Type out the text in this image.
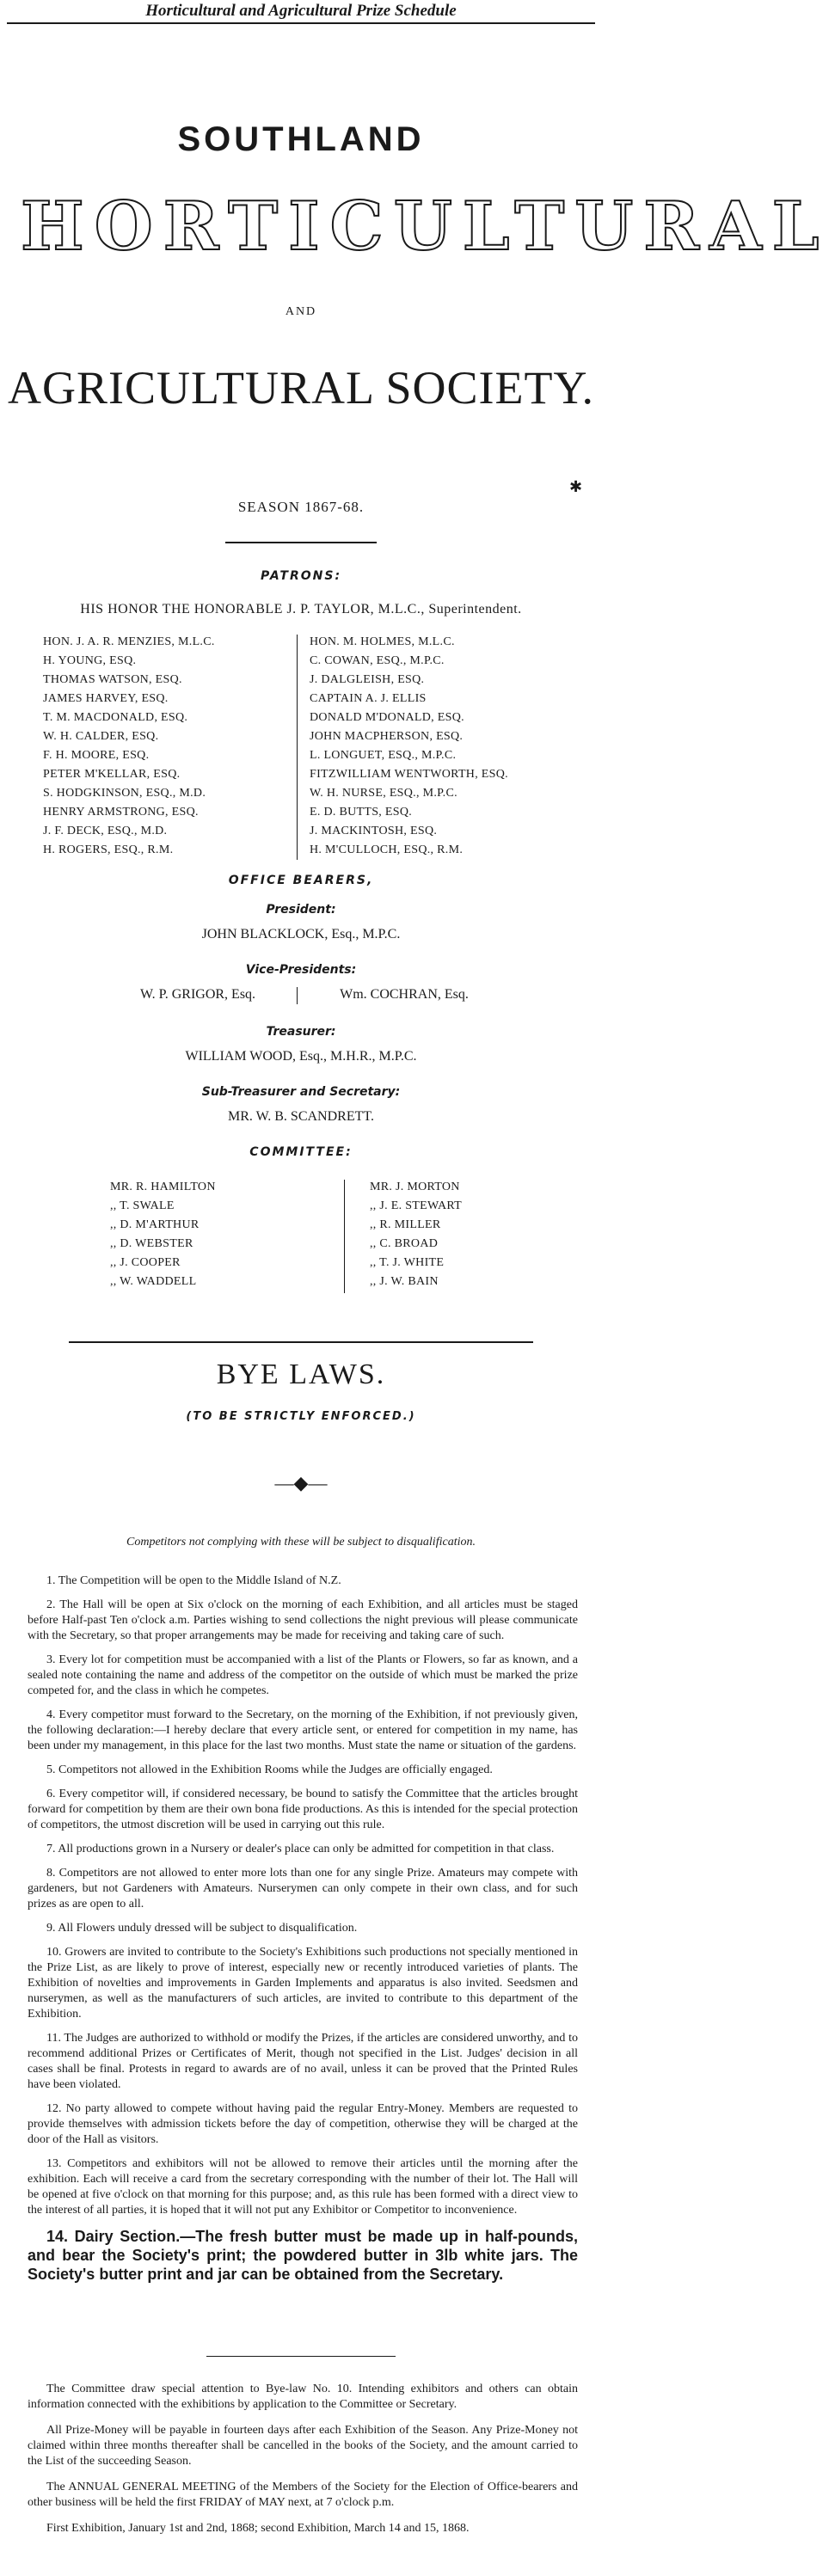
Horticultural and Agricultural Prize Schedule
SOUTHLAND
HORTICULTURAL
AND
AGRICULTURAL SOCIETY.
✱
SEASON 1867-68.
PATRONS:
HIS HONOR THE HONORABLE J. P. TAYLOR, M.L.C., Superintendent.
HON. J. A. R. MENZIES, M.L.C.
H. YOUNG, ESQ.
THOMAS WATSON, ESQ.
JAMES HARVEY, ESQ.
T. M. MACDONALD, ESQ.
W. H. CALDER, ESQ.
F. H. MOORE, ESQ.
PETER M'KELLAR, ESQ.
S. HODGKINSON, ESQ., M.D.
HENRY ARMSTRONG, ESQ.
J. F. DECK, ESQ., M.D.
H. ROGERS, ESQ., R.M.
HON. M. HOLMES, M.L.C.
C. COWAN, ESQ., M.P.C.
J. DALGLEISH, ESQ.
CAPTAIN A. J. ELLIS
DONALD M'DONALD, ESQ.
JOHN MACPHERSON, ESQ.
L. LONGUET, ESQ., M.P.C.
FITZWILLIAM WENTWORTH, ESQ.
W. H. NURSE, ESQ., M.P.C.
E. D. BUTTS, ESQ.
J. MACKINTOSH, ESQ.
H. M'CULLOCH, ESQ., R.M.
OFFICE BEARERS,
President:
JOHN BLACKLOCK, Esq., M.P.C.
Vice-Presidents:
W. P. GRIGOR, Esq.	Wm. COCHRAN, Esq.
Treasurer:
WILLIAM WOOD, Esq., M.H.R., M.P.C.
Sub-Treasurer and Secretary:
MR. W. B. SCANDRETT.
COMMITTEE:
MR. R. HAMILTON
,, T. SWALE
,, D. M'ARTHUR
,, D. WEBSTER
,, J. COOPER
,, W. WADDELL
MR. J. MORTON
,, J. E. STEWART
,, R. MILLER
,, C. BROAD
,, T. J. WHITE
,, J. W. BAIN
BYE LAWS.
(TO BE STRICTLY ENFORCED.)
―◆―
Competitors not complying with these will be subject to disqualification.

1. The Competition will be open to the Middle Island of N.Z.

2. The Hall will be open at Six o'clock on the morning of each Exhibition, and all articles must be staged before Half-past Ten o'clock a.m. Parties wishing to send collections the night previous will please communicate with the Secretary, so that proper arrangements may be made for receiving and taking care of such.

3. Every lot for competition must be accompanied with a list of the Plants or Flowers, so far as known, and a sealed note containing the name and address of the competitor on the outside of which must be marked the prize competed for, and the class in which he competes.

4. Every competitor must forward to the Secretary, on the morning of the Exhibition, if not previously given, the following declaration:—I hereby declare that every article sent, or entered for competition in my name, has been under my management, in this place for the last two months. Must state the name or situation of the gardens.

5. Competitors not allowed in the Exhibition Rooms while the Judges are officially engaged.

6. Every competitor will, if considered necessary, be bound to satisfy the Committee that the articles brought forward for competition by them are their own bona fide productions. As this is intended for the special protection of competitors, the utmost discretion will be used in carrying out this rule.

7. All productions grown in a Nursery or dealer's place can only be admitted for competition in that class.

8. Competitors are not allowed to enter more lots than one for any single Prize. Amateurs may compete with gardeners, but not Gardeners with Amateurs. Nurserymen can only compete in their own class, and for such prizes as are open to all.

9. All Flowers unduly dressed will be subject to disqualification.

10. Growers are invited to contribute to the Society's Exhibitions such productions not specially mentioned in the Prize List, as are likely to prove of interest, especially new or recently introduced varieties of plants. The Exhibition of novelties and improvements in Garden Implements and apparatus is also invited. Seedsmen and nurserymen, as well as the manufacturers of such articles, are invited to contribute to this department of the Exhibition.

11. The Judges are authorized to withhold or modify the Prizes, if the articles are considered unworthy, and to recommend additional Prizes or Certificates of Merit, though not specified in the List. Judges' decision in all cases shall be final. Protests in regard to awards are of no avail, unless it can be proved that the Printed Rules have been violated.

12. No party allowed to compete without having paid the regular Entry-Money. Members are requested to provide themselves with admission tickets before the day of competition, otherwise they will be charged at the door of the Hall as visitors.

13. Competitors and exhibitors will not be allowed to remove their articles until the morning after the exhibition. Each will receive a card from the secretary corresponding with the number of their lot. The Hall will be opened at five o'clock on that morning for this purpose; and, as this rule has been formed with a direct view to the interest of all parties, it is hoped that it will not put any Exhibitor or Competitor to inconvenience.

14. Dairy Section.—The fresh butter must be made up in half-pounds, and bear the Society's print; the powdered butter in 3lb white jars. The Society's butter print and jar can be obtained from the Secretary.

The Committee draw special attention to Bye-law No. 10. Intending exhibitors and others can obtain information connected with the exhibitions by application to the Committee or Secretary.

All Prize-Money will be payable in fourteen days after each Exhibition of the Season. Any Prize-Money not claimed within three months thereafter shall be cancelled in the books of the Society, and the amount carried to the List of the succeeding Season.

The ANNUAL GENERAL MEETING of the Members of the Society for the Election of Office-bearers and other business will be held the first FRIDAY of MAY next, at 7 o'clock p.m.

First Exhibition, January 1st and 2nd, 1868; second Exhibition, March 14 and 15, 1868.
